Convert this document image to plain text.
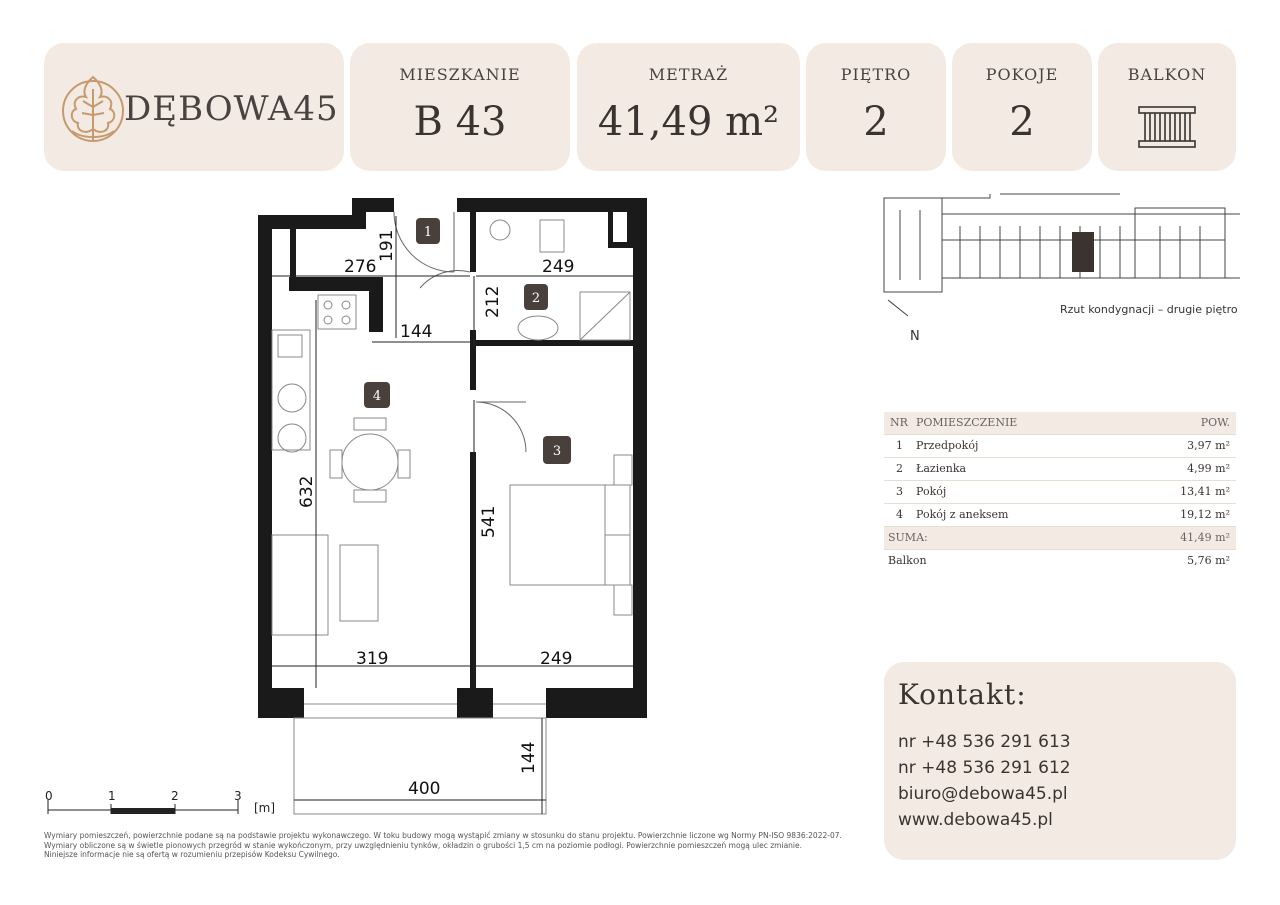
DĘBOWA45
MIESZKANIE
B 43
METRAŻ
41,49 m²
PIĘTRO
2
POKOJE
2
BALKON
276	249
191
212
144
632
541
319	249
400
144
1
2
3
4
0	1	2	3
[m]
Rzut kondygnacji – drugie piętro
N
NR POMIESZCZENIE	POW.
1 Przedpokój	3,97 m²
2 Łazienka	4,99 m²
3 Pokój	13,41 m²
4 Pokój z aneksem	19,12 m²
SUMA:	41,49 m²
Balkon	5,76 m²
Kontakt:
nr +48 536 291 613
nr +48 536 291 612
biuro@debowa45.pl
www.debowa45.pl
Wymiary pomieszczeń, powierzchnie podane są na podstawie projektu wykonawczego. W toku budowy mogą wystąpić zmiany w stosunku do stanu projektu. Powierzchnie liczone wg Normy PN-ISO 9836:2022-07.
Wymiary obliczone są w świetle pionowych przegród w stanie wykończonym, przy uwzględnieniu tynków, okładzin o grubości 1,5 cm na poziomie podłogi. Powierzchnie pomieszczeń mogą ulec zmianie.
Niniejsze informacje nie są ofertą w rozumieniu przepisów Kodeksu Cywilnego.
